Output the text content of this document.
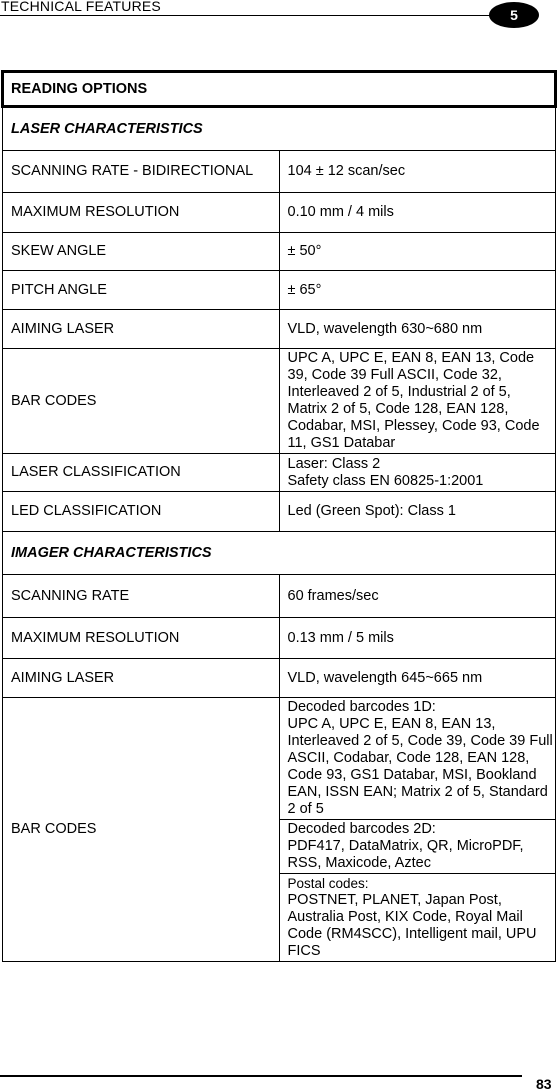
TECHNICAL FEATURES
5
READING OPTIONS	
LASER CHARACTERISTICS	
SCANNING RATE - BIDIRECTIONAL	104 ± 12 scan/sec
MAXIMUM RESOLUTION	0.10 mm / 4 mils
SKEW ANGLE	± 50°
PITCH ANGLE	± 65°
AIMING LASER	VLD, wavelength 630~680 nm
BAR CODES	UPC A, UPC E, EAN 8, EAN 13, Code 39, Code 39 Full ASCII, Code 32, Interleaved 2 of 5, Industrial 2 of 5, Matrix 2 of 5, Code 128, EAN 128, Codabar, MSI, Plessey, Code 93, Code 11, GS1 Databar
LASER CLASSIFICATION	Laser: Class 2
Safety class EN 60825-1:2001

LED CLASSIFICATION	Led (Green Spot): Class 1
IMAGER CHARACTERISTICS	
SCANNING RATE	60 frames/sec
MAXIMUM RESOLUTION	0.13 mm / 5 mils
AIMING LASER	VLD, wavelength 645~665 nm
BAR CODES	Decoded barcodes 1D:
UPC A, UPC E, EAN 8, EAN 13, Interleaved 2 of 5, Code 39, Code 39 Full ASCII, Codabar, Code 128, EAN 128, Code 93, GS1 Databar, MSI, Bookland EAN, ISSN EAN; Matrix 2 of 5, Standard 2 of 5

	Decoded barcodes 2D:
PDF417, DataMatrix, QR, MicroPDF, RSS, Maxicode, Aztec

	Postal codes:
POSTNET, PLANET, Japan Post, Australia Post, KIX Code, Royal Mail Code (RM4SCC), Intelligent mail, UPU FICS
83
